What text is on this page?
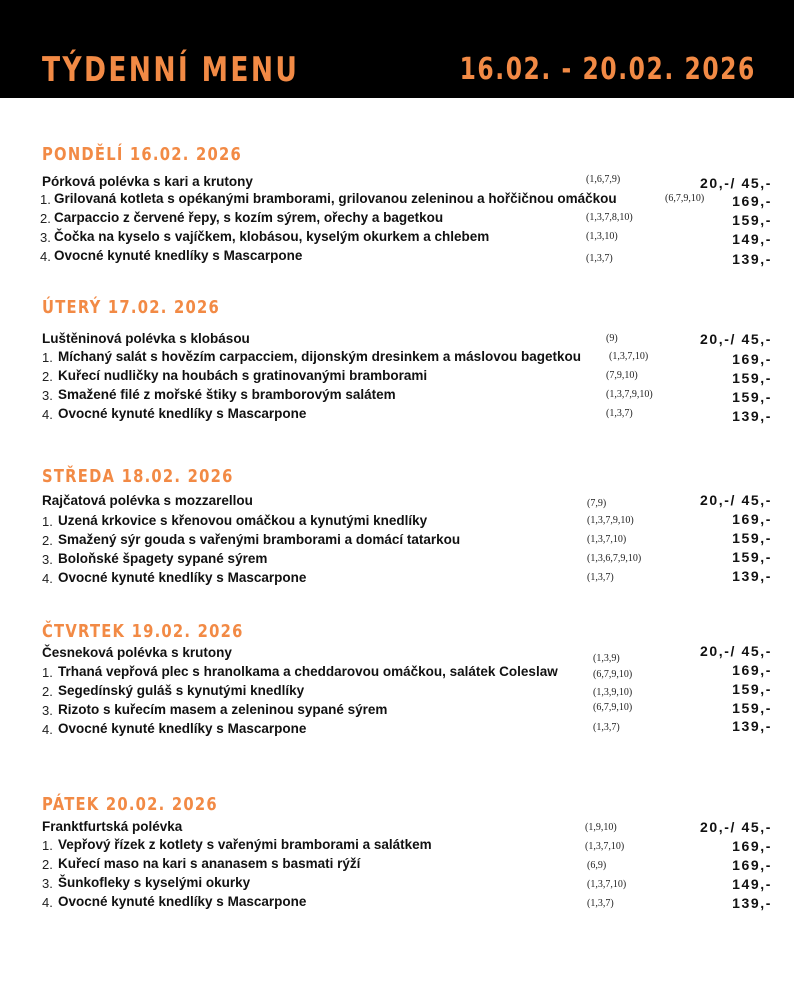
TÝDENNÍ MENU	16.02. - 20.02. 2026
PONDĚLÍ 16.02. 2026
Pórková polévka s kari a krutony	(1,6,7,9)	20,-/ 45,-
1. Grilovaná kotleta s opékanými bramborami, grilovanou zeleninou a hořčičnou omáčkou	(6,7,9,10) 169,-
2. Carpaccio z červené řepy, s kozím sýrem, ořechy a bagetkou	(1,3,7,8,10)	159,-
3. Čočka na kyselo s vajíčkem, klobásou, kyselým okurkem a chlebem	(1,3,10)	149,-
4. Ovocné kynuté knedlíky s Mascarpone	(1,3,7)	139,-
ÚTERÝ 17.02. 2026
Luštěninová polévka s klobásou	(9)	20,-/ 45,-
1. Míchaný salát s hovězím carpacciem, dijonským dresinkem a máslovou bagetkou	(1,3,7,10)	169,-
2. Kuřecí nudličky na houbách s gratinovanými bramborami	(7,9,10)	159,-
3. Smažené filé z mořské štiky s bramborovým salátem	(1,3,7,9,10)	159,-
4. Ovocné kynuté knedlíky s Mascarpone	(1,3,7)	139,-
STŘEDA 18.02. 2026
Rajčatová polévka s mozzarellou	(7,9)	20,-/ 45,-
1. Uzená krkovice s křenovou omáčkou a kynutými knedlíky	(1,3,7,9,10)	169,-
2. Smažený sýr gouda s vařenými bramborami a domácí tatarkou	(1,3,7,10)	159,-
3. Boloňské špagety sypané sýrem	(1,3,6,7,9,10)	159,-
4. Ovocné kynuté knedlíky s Mascarpone	(1,3,7)	139,-
ČTVRTEK 19.02. 2026
Česneková polévka s krutony	(1,3,9)	20,-/ 45,-
1. Trhaná vepřová plec s hranolkama a cheddarovou omáčkou, salátek Coleslaw	(6,7,9,10)	169,-
2. Segedínský guláš s kynutými knedlíky	(1,3,9,10)	159,-
3. Rizoto s kuřecím masem a zeleninou sypané sýrem	(6,7,9,10)	159,-
4. Ovocné kynuté knedlíky s Mascarpone	(1,3,7)	139,-
PÁTEK 20.02. 2026
Franktfurtská polévka	(1,9,10)	20,-/ 45,-
1. Vepřový řízek z kotlety s vařenými bramborami a salátkem	(1,3,7,10)	169,-
2. Kuřecí maso na kari s ananasem s basmati rýží	(6,9)	169,-
3. Šunkofleky s kyselými okurky	(1,3,7,10)	149,-
4. Ovocné kynuté knedlíky s Mascarpone	(1,3,7)	139,-
